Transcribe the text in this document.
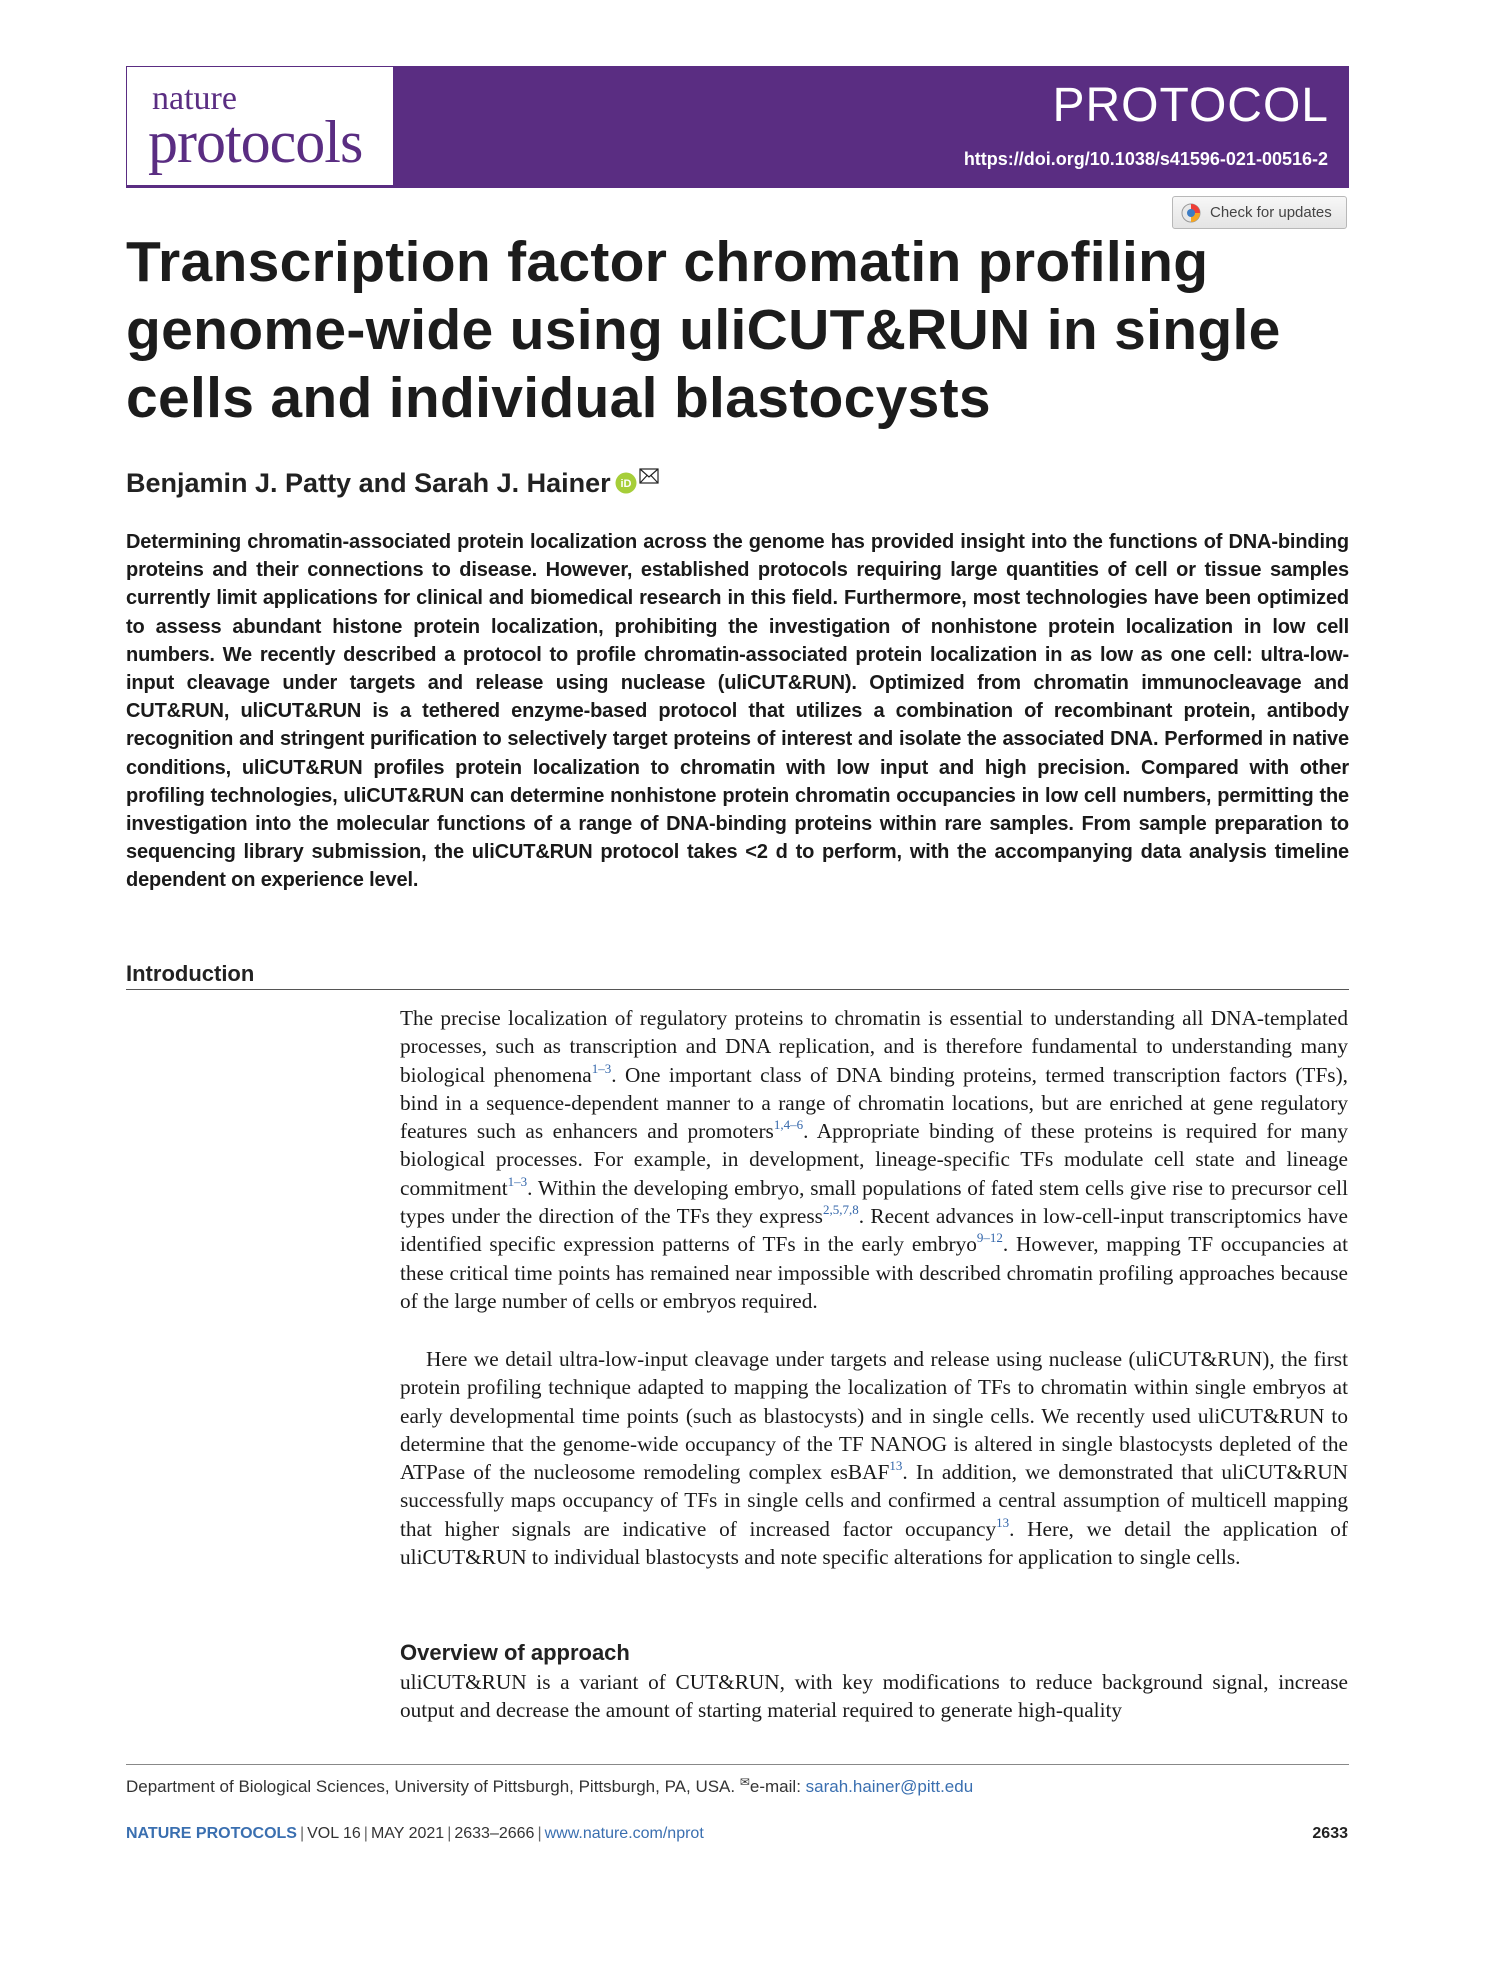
nature
protocols
PROTOCOL
https://doi.org/10.1038/s41596-021-00516-2
Check for updates
Transcription factor chromatin profiling genome-wide using uliCUT&RUN in single cells and individual blastocysts
Benjamin J. Patty and Sarah J. Hainer iD
Determining chromatin-associated protein localization across the genome has provided insight into the functions of DNA-binding proteins and their connections to disease. However, established protocols requiring large quantities of cell or tissue samples currently limit applications for clinical and biomedical research in this field. Furthermore, most technologies have been optimized to assess abundant histone protein localization, prohibiting the investigation of nonhistone protein localization in low cell numbers. We recently described a protocol to profile chromatin-associated protein localization in as low as one cell: ultra-low-input cleavage under targets and release using nuclease (uliCUT&RUN). Optimized from chromatin immunocleavage and CUT&RUN, uliCUT&RUN is a tethered enzyme-based protocol that utilizes a combination of recombinant protein, antibody recognition and stringent purification to selectively target proteins of interest and isolate the associated DNA. Performed in native conditions, uliCUT&RUN profiles protein localization to chromatin with low input and high precision. Compared with other profiling technologies, uliCUT&RUN can determine nonhistone protein chromatin occupancies in low cell numbers, permitting the investigation into the molecular functions of a range of DNA-binding proteins within rare samples. From sample preparation to sequencing library submission, the uliCUT&RUN protocol takes <2 d to perform, with the accompanying data analysis timeline dependent on experience level.
Introduction
The precise localization of regulatory proteins to chromatin is essential to understanding all DNA-templated processes, such as transcription and DNA replication, and is therefore fundamental to understanding many biological phenomena$^{1-3}$. One important class of DNA binding proteins, termed transcription factors (TFs), bind in a sequence-dependent manner to a range of chromatin locations, but are enriched at gene regulatory features such as enhancers and promoters$^{1,4-6}$. Appropriate binding of these proteins is required for many biological processes. For example, in development, lineage-specific TFs modulate cell state and lineage commitment$^{1-3}$. Within the developing embryo, small populations of fated stem cells give rise to precursor cell types under the direction of the TFs they express$^{2,5,7,8}$. Recent advances in low-cell-input transcriptomics have identified specific expression patterns of TFs in the early embryo$^{9-12}$. However, mapping TF occupancies at these critical time points has remained near impossible with described chromatin profiling approaches because of the large number of cells or embryos required.
Here we detail ultra-low-input cleavage under targets and release using nuclease (uliCUT&RUN), the first protein profiling technique adapted to mapping the localization of TFs to chromatin within single embryos at early developmental time points (such as blastocysts) and in single cells. We recently used uliCUT&RUN to determine that the genome-wide occupancy of the TF NANOG is altered in single blastocysts depleted of the ATPase of the nucleosome remodeling complex esBAF$^{13}$. In addition, we demonstrated that uliCUT&RUN successfully maps occupancy of TFs in single cells and confirmed a central assumption of multicell mapping that higher signals are indicative of increased factor occupancy$^{13}$. Here, we detail the application of uliCUT&RUN to individual blastocysts and note specific alterations for application to single cells.
Overview of approach
uliCUT&RUN is a variant of CUT&RUN, with key modifications to reduce background signal, increase output and decrease the amount of starting material required to generate high-quality
Department of Biological Sciences, University of Pittsburgh, Pittsburgh, PA, USA. ✉e-mail: sarah.hainer@pitt.edu
NATURE PROTOCOLS | VOL 16 | MAY 2021 | 2633–2666 | www.nature.com/nprot	2633
